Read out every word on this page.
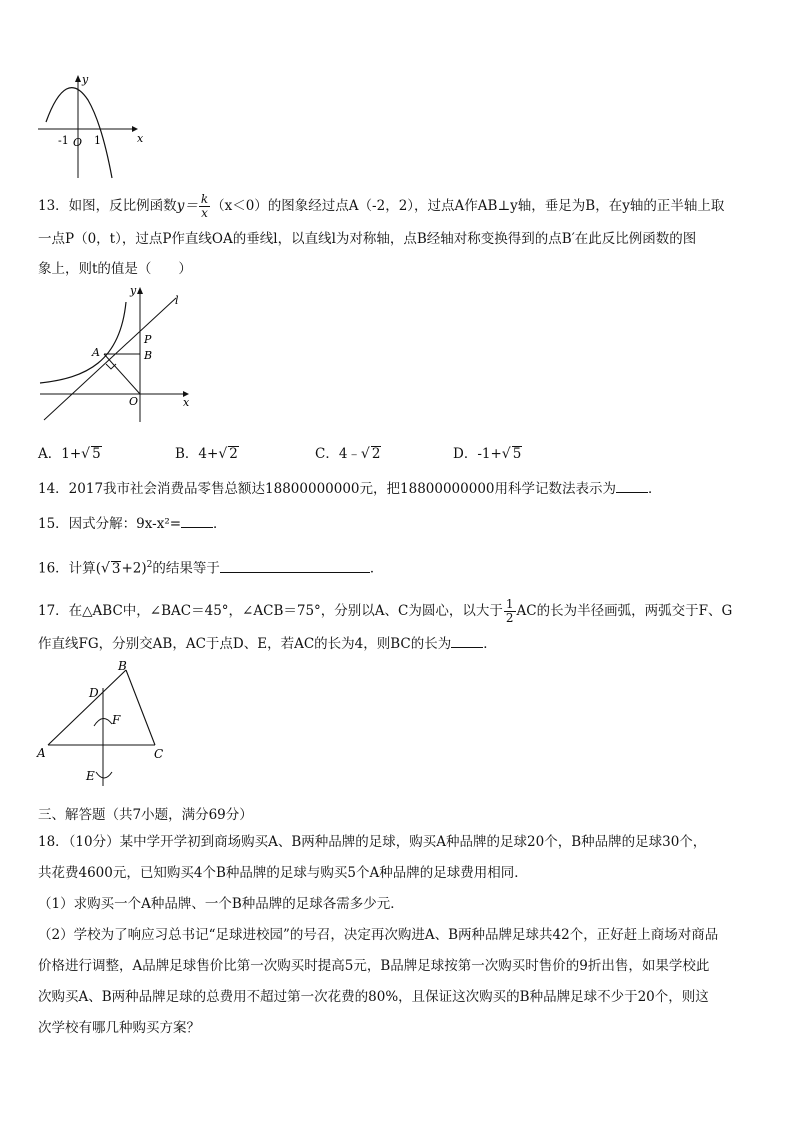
y
x
-1 O 1
13．如图，反比例函数$y= \frac{k}{x} (x<0)$的图象经过点A（-2，2），过点A作AB⊥y轴，垂足为B，在y轴的正半轴上取
一点P（0，t），过点P作直线OA的垂线l，以直线l为对称轴，点B经轴对称变换得到的点B′在此反比例函数的图
象上，则t的值是（　　）
y
l
A
P
B
O	x
A．1+√ 5	B．4+√ 2	C．4﹣√ 2	D．-1+√ 5
14．2017我市社会消费品零售总额达18800000000元，把18800000000用科学记数法表示为 ．
15．因式分解：9x-x²= ．
16．计算(√ 3+2)$^2$的结果等于	．
17．在△ABC中，∠BAC＝45°，∠ACB＝75°，分别以A、C为圆心，以大于 $\frac{1}{2}$ AC的长为半径画弧，两弧交于F、G
作直线FG，分别交AB，AC于点D、E，若AC的长为4，则BC的长为 ．
B
D
F
A	C
E
三、解答题（共7小题，满分69分）
18．（10分）某中学开学初到商场购买A、B两种品牌的足球，购买A种品牌的足球20个，B种品牌的足球30个，
共花费4600元，已知购买4个B种品牌的足球与购买5个A种品牌的足球费用相同．
（1）求购买一个A种品牌、一个B种品牌的足球各需多少元．
（2）学校为了响应习总书记“足球进校园”的号召，决定再次购进A、B两种品牌足球共42个，正好赶上商场对商品
价格进行调整，A品牌足球售价比第一次购买时提高5元，B品牌足球按第一次购买时售价的9折出售，如果学校此
次购买A、B两种品牌足球的总费用不超过第一次花费的80%，且保证这次购买的B种品牌足球不少于20个，则这
次学校有哪几种购买方案？
